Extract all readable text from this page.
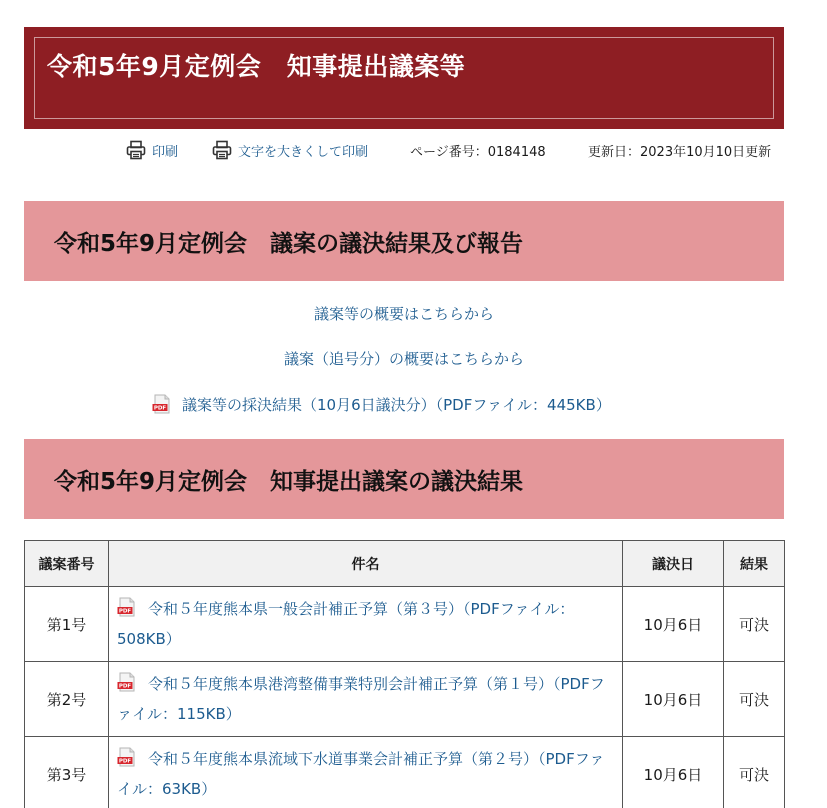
令和5年9月定例会　知事提出議案等
印刷	文字を大きくして印刷	ページ番号：0184148	更新日：2023年10月10日更新
令和5年9月定例会　議案の議決結果及び報告
議案等の概要はこちらから
議案（追号分）の概要はこちらから
議案等の採決結果（10月6日議決分）（PDFファイル：445KB）
令和5年9月定例会　知事提出議案の議決結果
議案番号	件名	議決日	結果
第1号	令和５年度熊本県一般会計補正予算（第３号）（PDFファイル：508KB）	10月6日	可決
第2号	令和５年度熊本県港湾整備事業特別会計補正予算（第１号）（PDFファイル：115KB）	10月6日	可決
第3号	令和５年度熊本県流域下水道事業会計補正予算（第２号）（PDFファイル：63KB）	10月6日	可決
